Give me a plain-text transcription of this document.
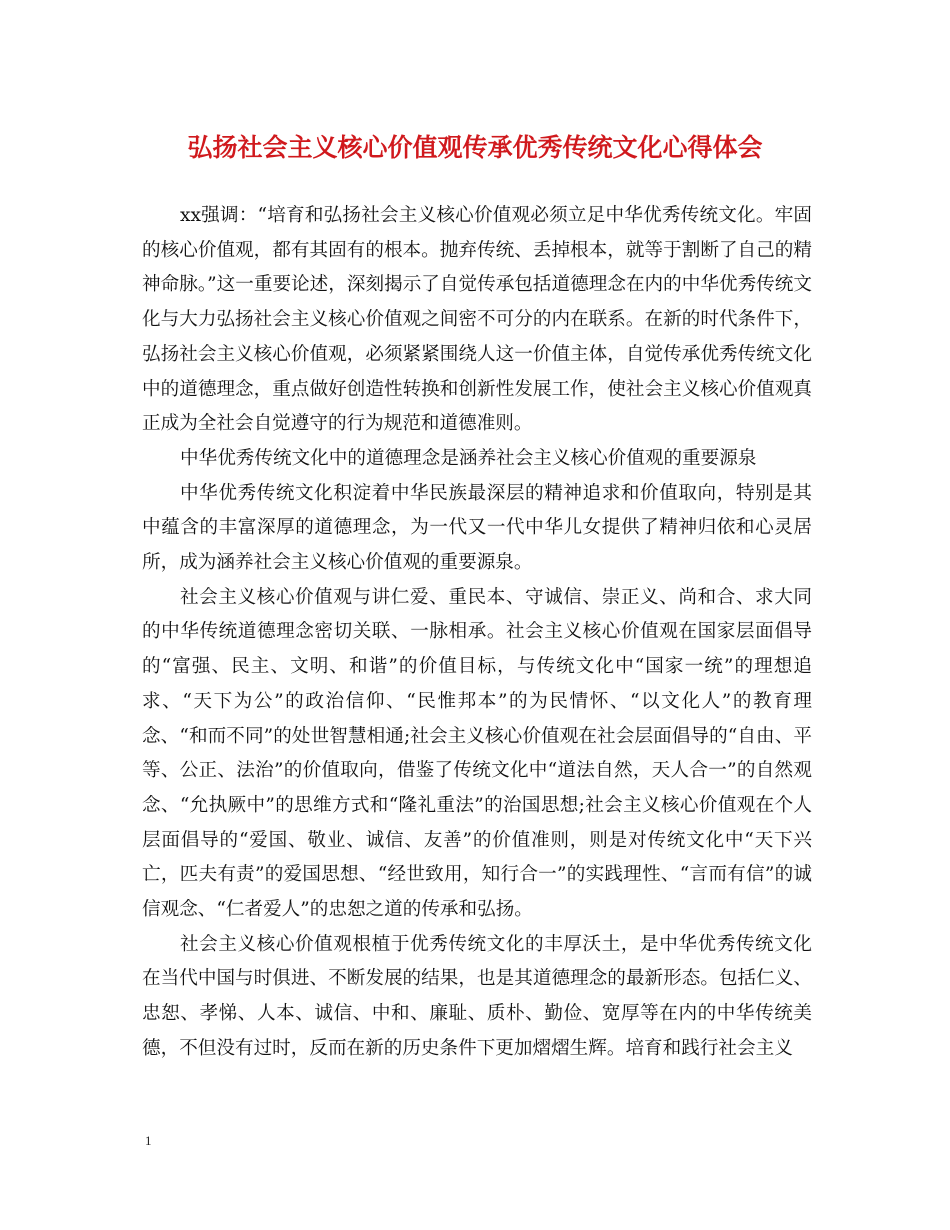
弘扬社会主义核心价值观传承优秀传统文化心得体会

xx强调：“培育和弘扬社会主义核心价值观必须立足中华优秀传统文化。牢固的核心价值观，都有其固有的根本。抛弃传统、丢掉根本，就等于割断了自己的精神命脉。”这一重要论述，深刻揭示了自觉传承包括道德理念在内的中华优秀传统文化与大力弘扬社会主义核心价值观之间密不可分的内在联系。在新的时代条件下，弘扬社会主义核心价值观，必须紧紧围绕人这一价值主体，自觉传承优秀传统文化中的道德理念，重点做好创造性转换和创新性发展工作，使社会主义核心价值观真正成为全社会自觉遵守的行为规范和道德准则。

中华优秀传统文化中的道德理念是涵养社会主义核心价值观的重要源泉

中华优秀传统文化积淀着中华民族最深层的精神追求和价值取向，特别是其中蕴含的丰富深厚的道德理念，为一代又一代中华儿女提供了精神归依和心灵居所，成为涵养社会主义核心价值观的重要源泉。

社会主义核心价值观与讲仁爱、重民本、守诚信、崇正义、尚和合、求大同的中华传统道德理念密切关联、一脉相承。社会主义核心价值观在国家层面倡导的“富强、民主、文明、和谐”的价值目标，与传统文化中“国家一统”的理想追求、“天下为公”的政治信仰、“民惟邦本”的为民情怀、“以文化人”的教育理念、“和而不同”的处世智慧相通;社会主义核心价值观在社会层面倡导的“自由、平等、公正、法治”的价值取向，借鉴了传统文化中“道法自然，天人合一”的自然观念、“允执厥中”的思维方式和“隆礼重法”的治国思想;社会主义核心价值观在个人层面倡导的“爱国、敬业、诚信、友善”的价值准则，则是对传统文化中“天下兴亡，匹夫有责”的爱国思想、“经世致用，知行合一”的实践理性、“言而有信”的诚信观念、“仁者爱人”的忠恕之道的传承和弘扬。

社会主义核心价值观根植于优秀传统文化的丰厚沃土，是中华优秀传统文化在当代中国与时俱进、不断发展的结果，也是其道德理念的最新形态。包括仁义、忠恕、孝悌、人本、诚信、中和、廉耻、质朴、勤俭、宽厚等在内的中华传统美德，不但没有过时，反而在新的历史条件下更加熠熠生辉。培育和践行社会主义

1
